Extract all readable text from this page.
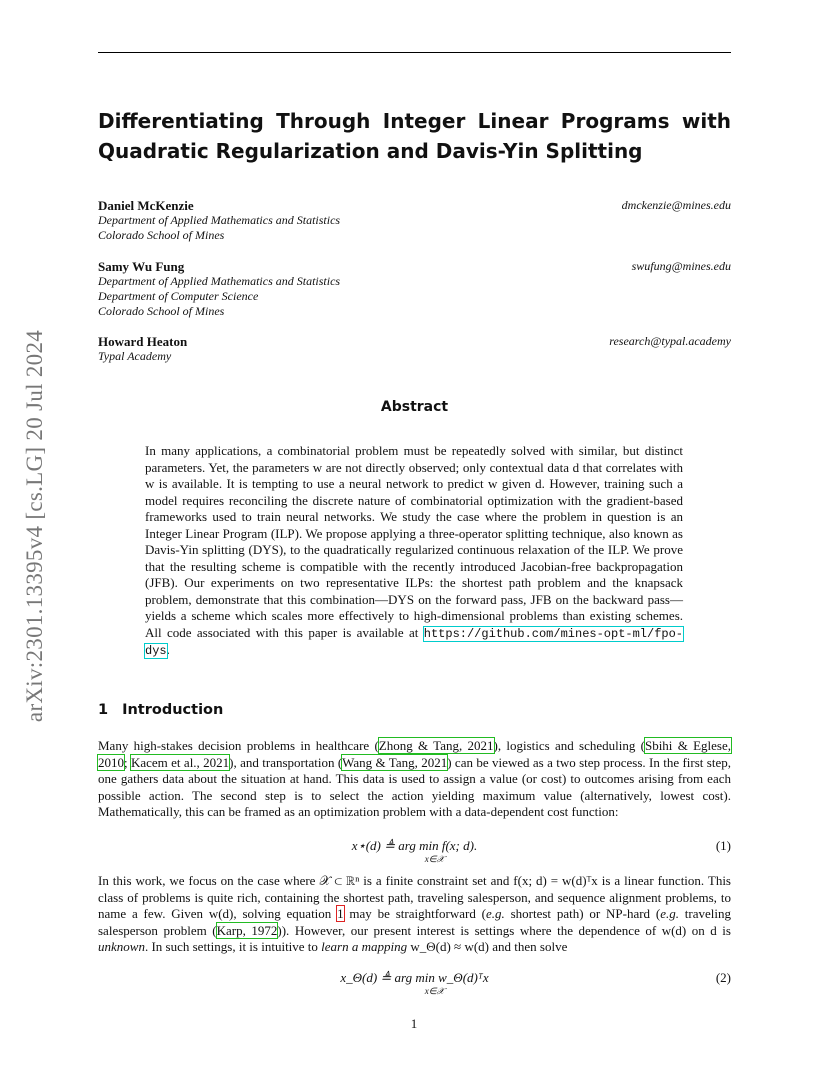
arXiv:2301.13395v4 [cs.LG] 20 Jul 2024
Differentiating Through Integer Linear Programs with Quadratic Regularization and Davis-Yin Splitting
Daniel McKenzie
Department of Applied Mathematics and Statistics
Colorado School of Mines
dmckenzie@mines.edu
Samy Wu Fung
Department of Applied Mathematics and Statistics
Department of Computer Science
Colorado School of Mines
swufung@mines.edu
Howard Heaton
Typal Academy
research@typal.academy
Abstract
In many applications, a combinatorial problem must be repeatedly solved with similar, but distinct parameters. Yet, the parameters w are not directly observed; only contextual data d that correlates with w is available. It is tempting to use a neural network to predict w given d. However, training such a model requires reconciling the discrete nature of combinatorial optimization with the gradient-based frameworks used to train neural networks. We study the case where the problem in question is an Integer Linear Program (ILP). We propose applying a three-operator splitting technique, also known as Davis-Yin splitting (DYS), to the quadratically regularized continuous relaxation of the ILP. We prove that the resulting scheme is compatible with the recently introduced Jacobian-free backpropagation (JFB). Our experiments on two representative ILPs: the shortest path problem and the knapsack problem, demonstrate that this combination—DYS on the forward pass, JFB on the backward pass—yields a scheme which scales more effectively to high-dimensional problems than existing schemes. All code associated with this paper is available at https://github.com/mines-opt-ml/fpo-dys.
1 Introduction
Many high-stakes decision problems in healthcare (Zhong & Tang, 2021), logistics and scheduling (Sbihi & Eglese, 2010; Kacem et al., 2021), and transportation (Wang & Tang, 2021) can be viewed as a two step process. In the first step, one gathers data about the situation at hand. This data is used to assign a value (or cost) to outcomes arising from each possible action. The second step is to select the action yielding maximum value (alternatively, lowest cost). Mathematically, this can be framed as an optimization problem with a data-dependent cost function:
x⋆(d) ≜ arg min f(x; d).
x∈𝒳
(1)
In this work, we focus on the case where 𝒳 ⊂ ℝⁿ is a finite constraint set and f(x; d) = w(d)ᵀx is a linear function. This class of problems is quite rich, containing the shortest path, traveling salesperson, and sequence alignment problems, to name a few. Given w(d), solving equation 1 may be straightforward (e.g. shortest path) or NP-hard (e.g. traveling salesperson problem (Karp, 1972)). However, our present interest is settings where the dependence of w(d) on d is unknown. In such settings, it is intuitive to learn a mapping w_Θ(d) ≈ w(d) and then solve
x_Θ(d) ≜ arg min w_Θ(d)ᵀx
x∈𝒳
(2)
1
